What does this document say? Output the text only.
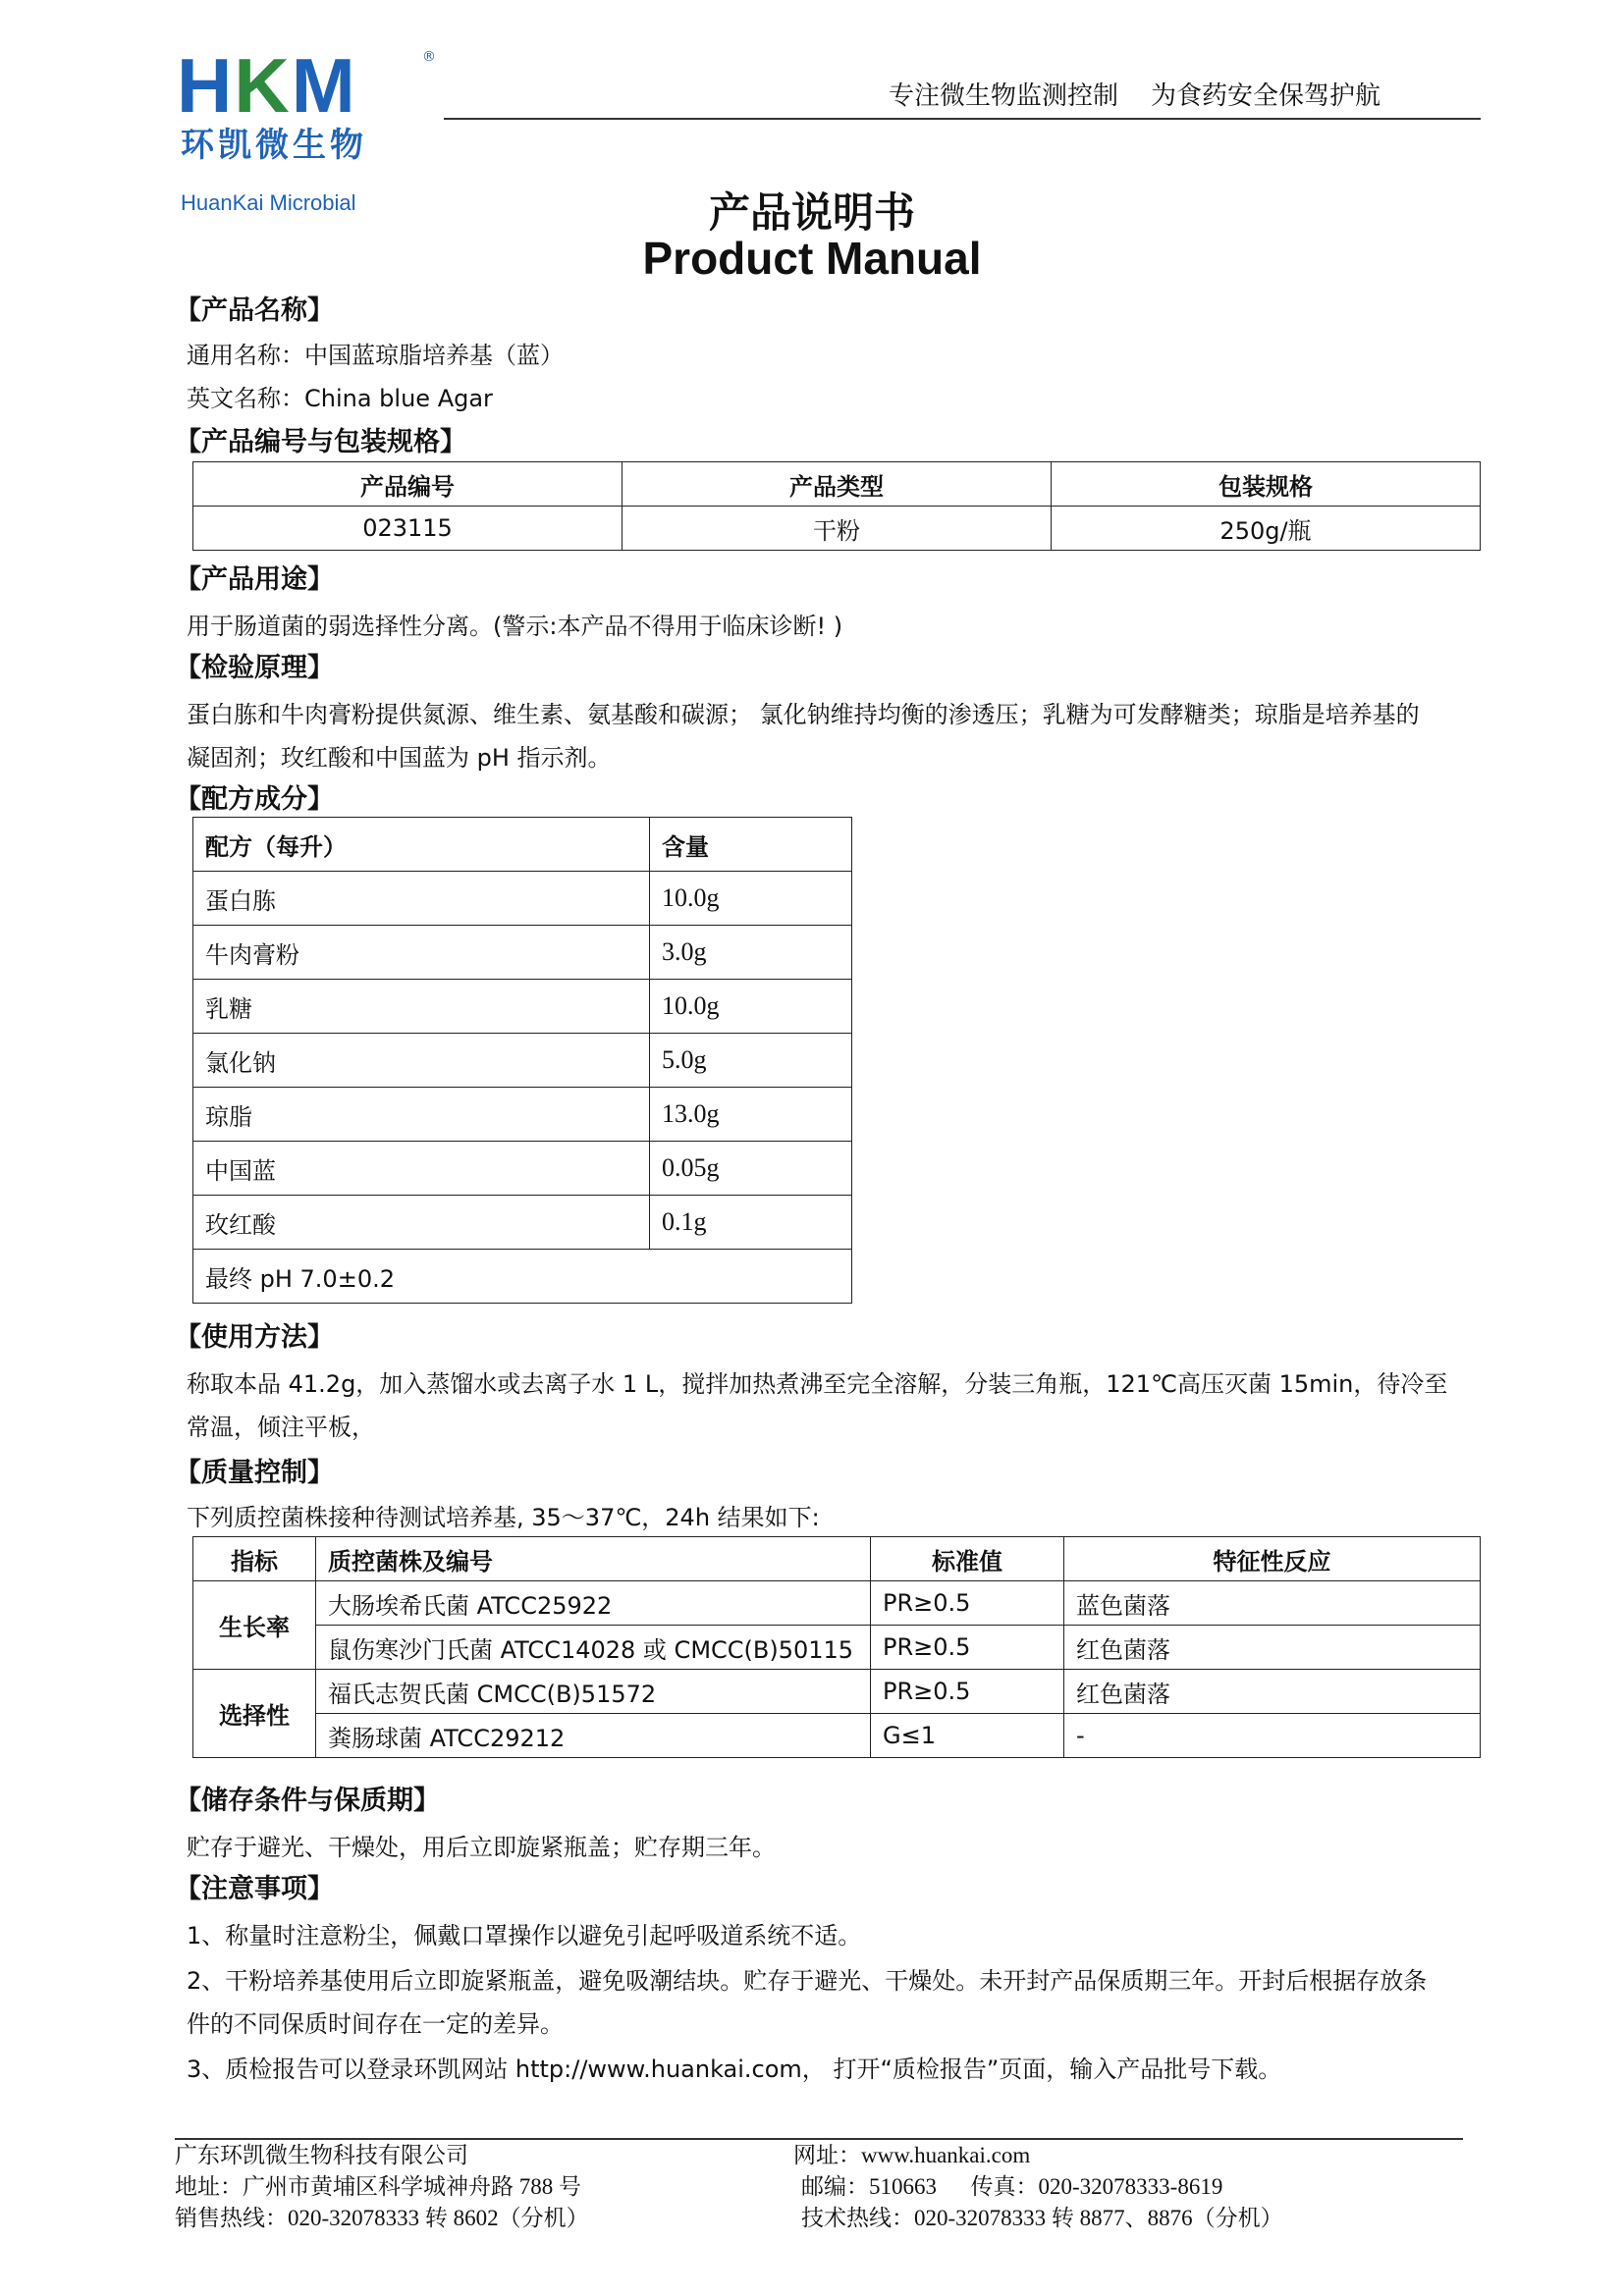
HKM	®
环凯微生物
HuanKai Microbial
专注微生物监测控制    为食药安全保驾护航
产品说明书
Product Manual
【产品名称】
通用名称：中国蓝琼脂培养基（蓝）
英文名称：China blue Agar
【产品编号与包装规格】
产品编号	产品类型	包装规格
023115	干粉	250g/瓶
【产品用途】
用于肠道菌的弱选择性分离。(警示:本产品不得用于临床诊断! )
【检验原理】
蛋白胨和牛肉膏粉提供氮源、维生素、氨基酸和碳源； 氯化钠维持均衡的渗透压；乳糖为可发酵糖类；琼脂是培养基的
凝固剂；玫红酸和中国蓝为 pH 指示剂。
【配方成分】
配方（每升）	含量
蛋白胨	10.0g
牛肉膏粉	3.0g
乳糖	10.0g
氯化钠	5.0g
琼脂	13.0g
中国蓝	0.05g
玫红酸	0.1g
最终 pH 7.0±0.2	
【使用方法】
称取本品 41.2g，加入蒸馏水或去离子水 1 L，搅拌加热煮沸至完全溶解，分装三角瓶，121℃高压灭菌 15min，待冷至
常温，倾注平板，
【质量控制】
下列质控菌株接种待测试培养基, 35～37℃，24h 结果如下:
指标	质控菌株及编号	标准值	特征性反应
生长率	大肠埃希氏菌 ATCC25922	PR≥0.5	蓝色菌落
	鼠伤寒沙门氏菌 ATCC14028 或 CMCC(B)50115	PR≥0.5	红色菌落
选择性	福氏志贺氏菌 CMCC(B)51572	PR≥0.5	红色菌落
	粪肠球菌 ATCC29212	G≤1	-
【储存条件与保质期】
贮存于避光、干燥处，用后立即旋紧瓶盖；贮存期三年。
【注意事项】
1、称量时注意粉尘，佩戴口罩操作以避免引起呼吸道系统不适。
2、干粉培养基使用后立即旋紧瓶盖，避免吸潮结块。贮存于避光、干燥处。未开封产品保质期三年。开封后根据存放条
件的不同保质时间存在一定的差异。
3、质检报告可以登录环凯网站 http://www.huankai.com， 打开“质检报告”页面，输入产品批号下载。
广东环凯微生物科技有限公司
地址：广州市黄埔区科学城神舟路 788 号
销售热线：020-32078333 转 8602（分机）
网址：www.huankai.com
邮编：510663      传真：020-32078333-8619
技术热线：020-32078333 转 8877、8876（分机）
